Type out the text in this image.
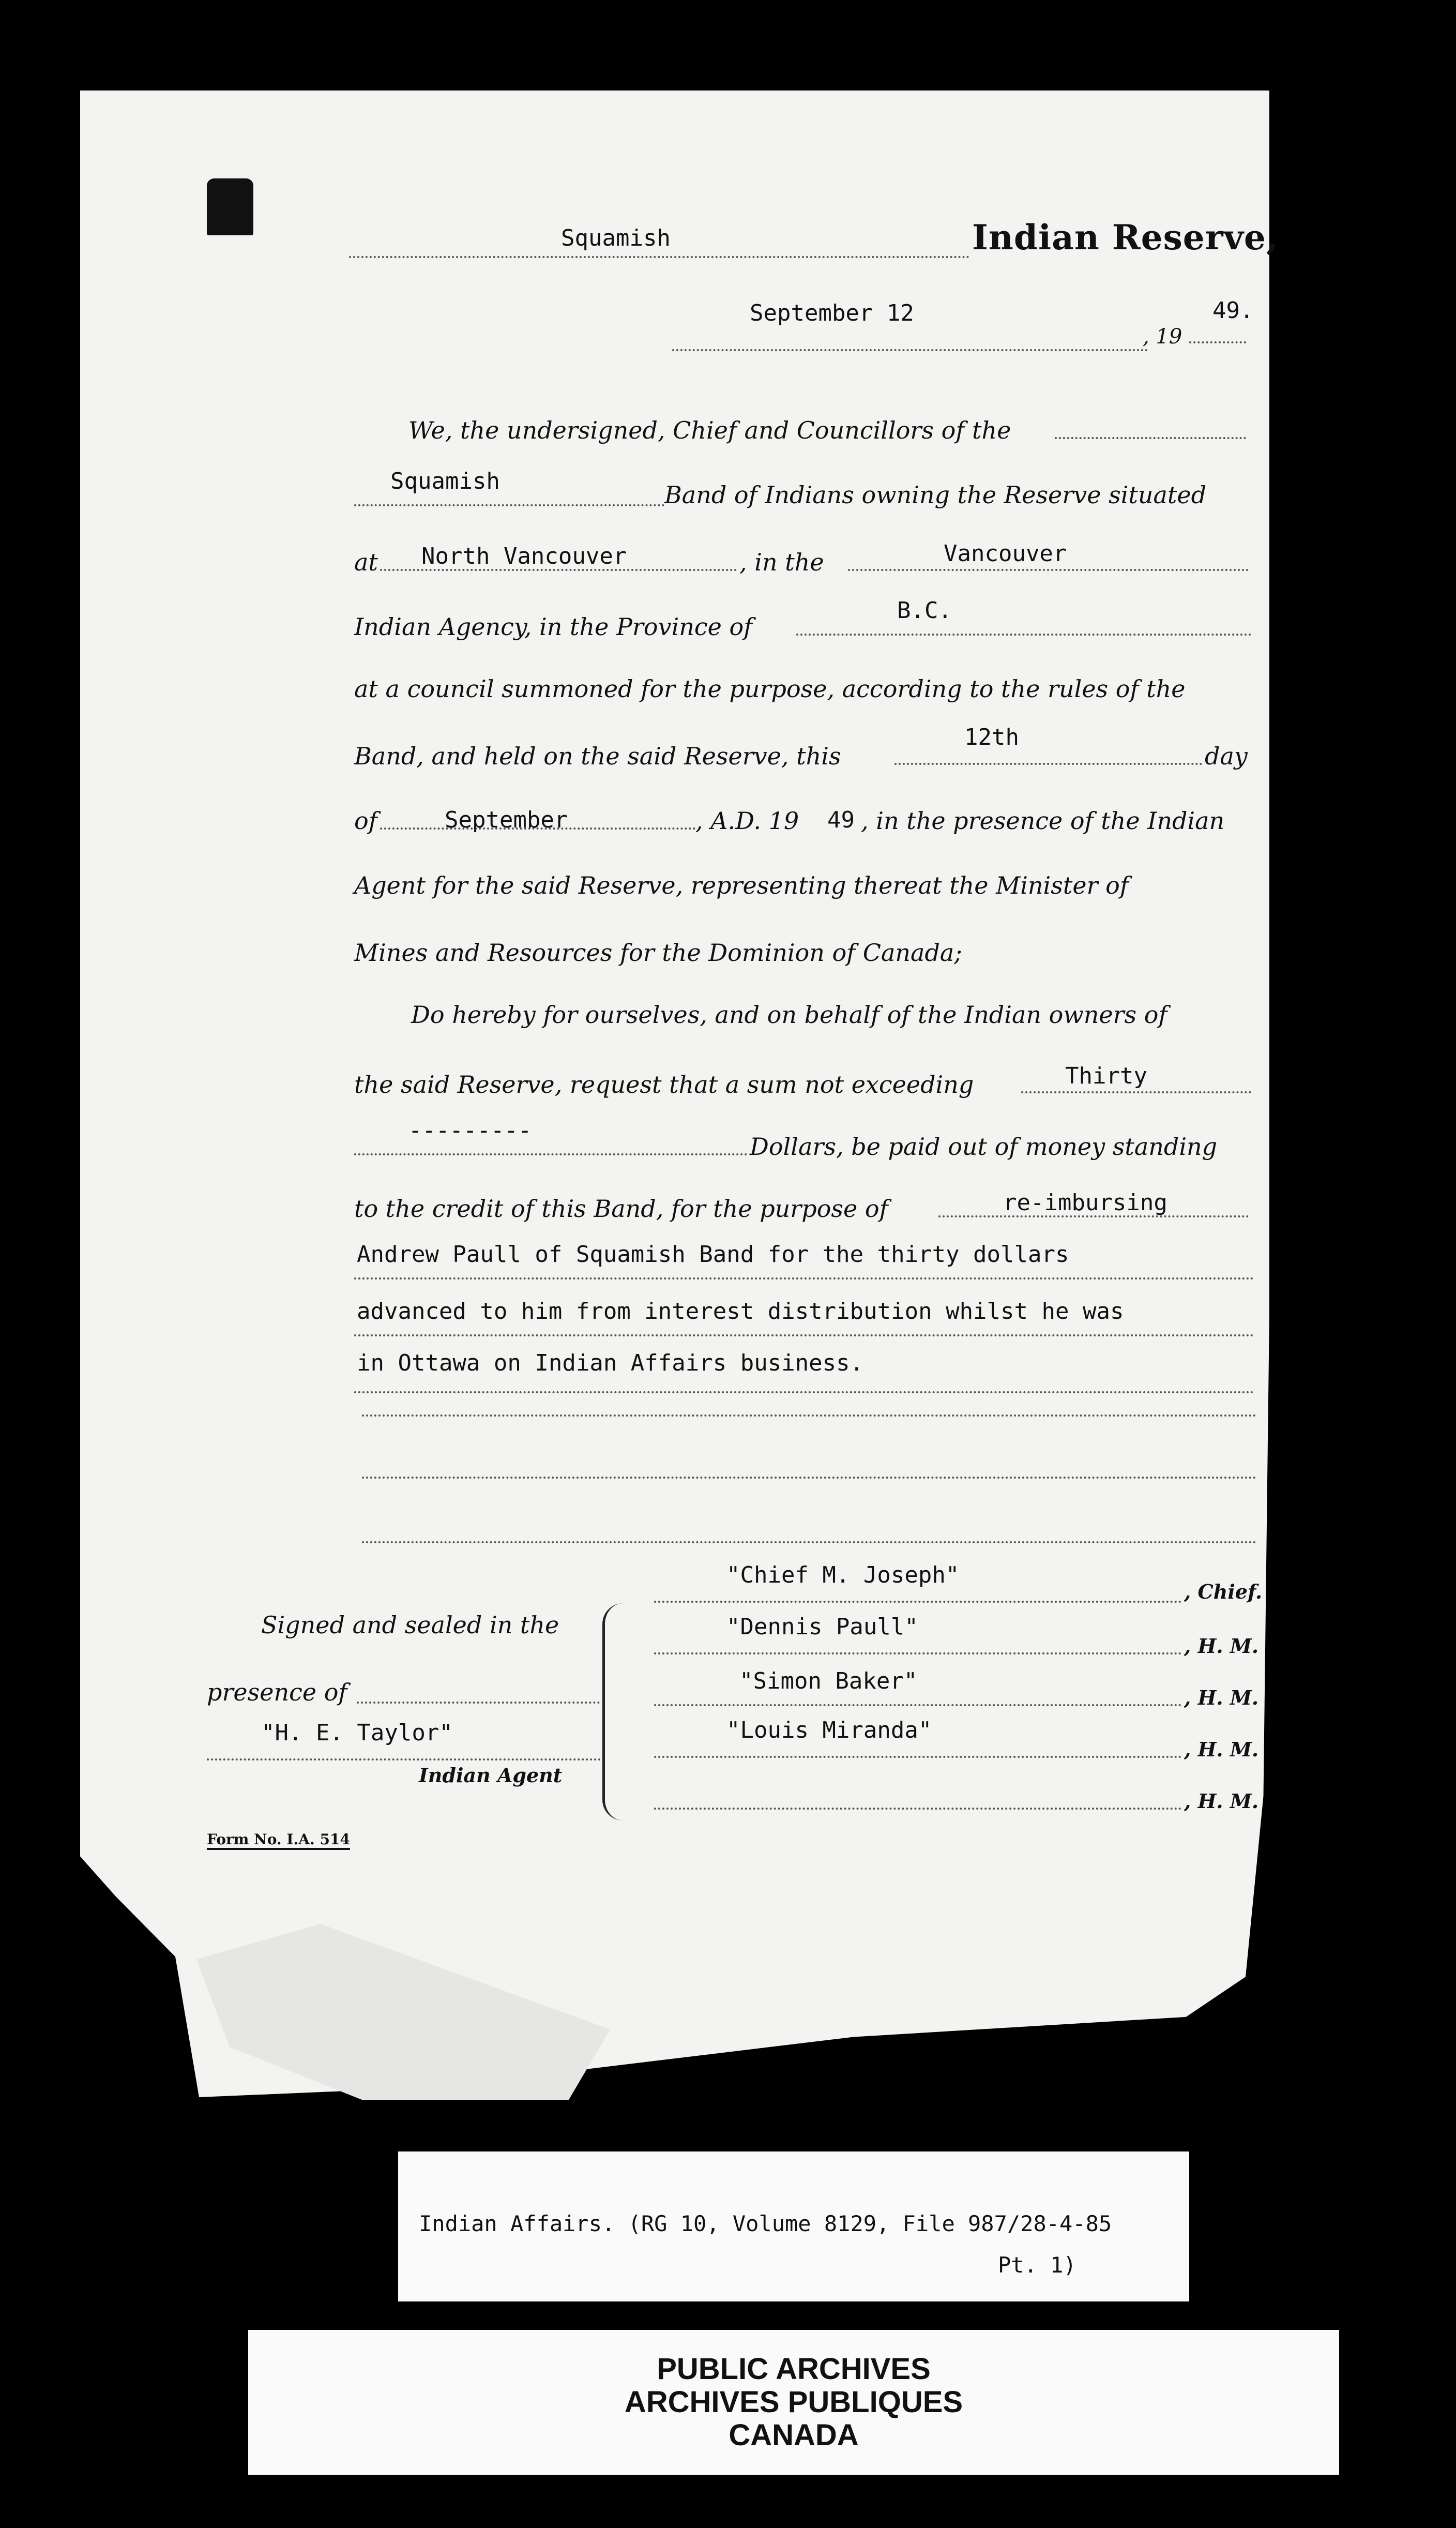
Squamish	Indian Reserve,
September 12
, 19
49.
We, the undersigned, Chief and Councillors of the
Squamish	Band of Indians owning the Reserve situated
at North Vancouver	, in the	Vancouver
Indian Agency, in the Province of
B.C.
at a council summoned for the purpose, according to the rules of the
Band, and held on the said Reserve, this
12th
day
of	September	, A.D. 19 49 , in the presence of the Indian
Agent for the said Reserve, representing thereat the Minister of
Mines and Resources for the Dominion of Canada;
Do hereby for ourselves, and on behalf of the Indian owners of
the said Reserve, request that a sum not exceeding	Thirty
---------
Dollars, be paid out of money standing
to the credit of this Band, for the purpose of	re-imbursing
Andrew Paull of Squamish Band for the thirty dollars
advanced to him from interest distribution whilst he was
in Ottawa on Indian Affairs business.
Signed and sealed in the
presence of
"H. E. Taylor"
Indian Agent
"Chief M. Joseph"
, Chief.
"Dennis Paull"
, H. M.
"Simon Baker"
, H. M.
"Louis Miranda"
, H. M.
, H. M.
Form No. I.A. 514
Indian Affairs. (RG 10, Volume 8129, File 987/28-4-85
Pt. 1)
PUBLIC ARCHIVES
ARCHIVES PUBLIQUES
CANADA
